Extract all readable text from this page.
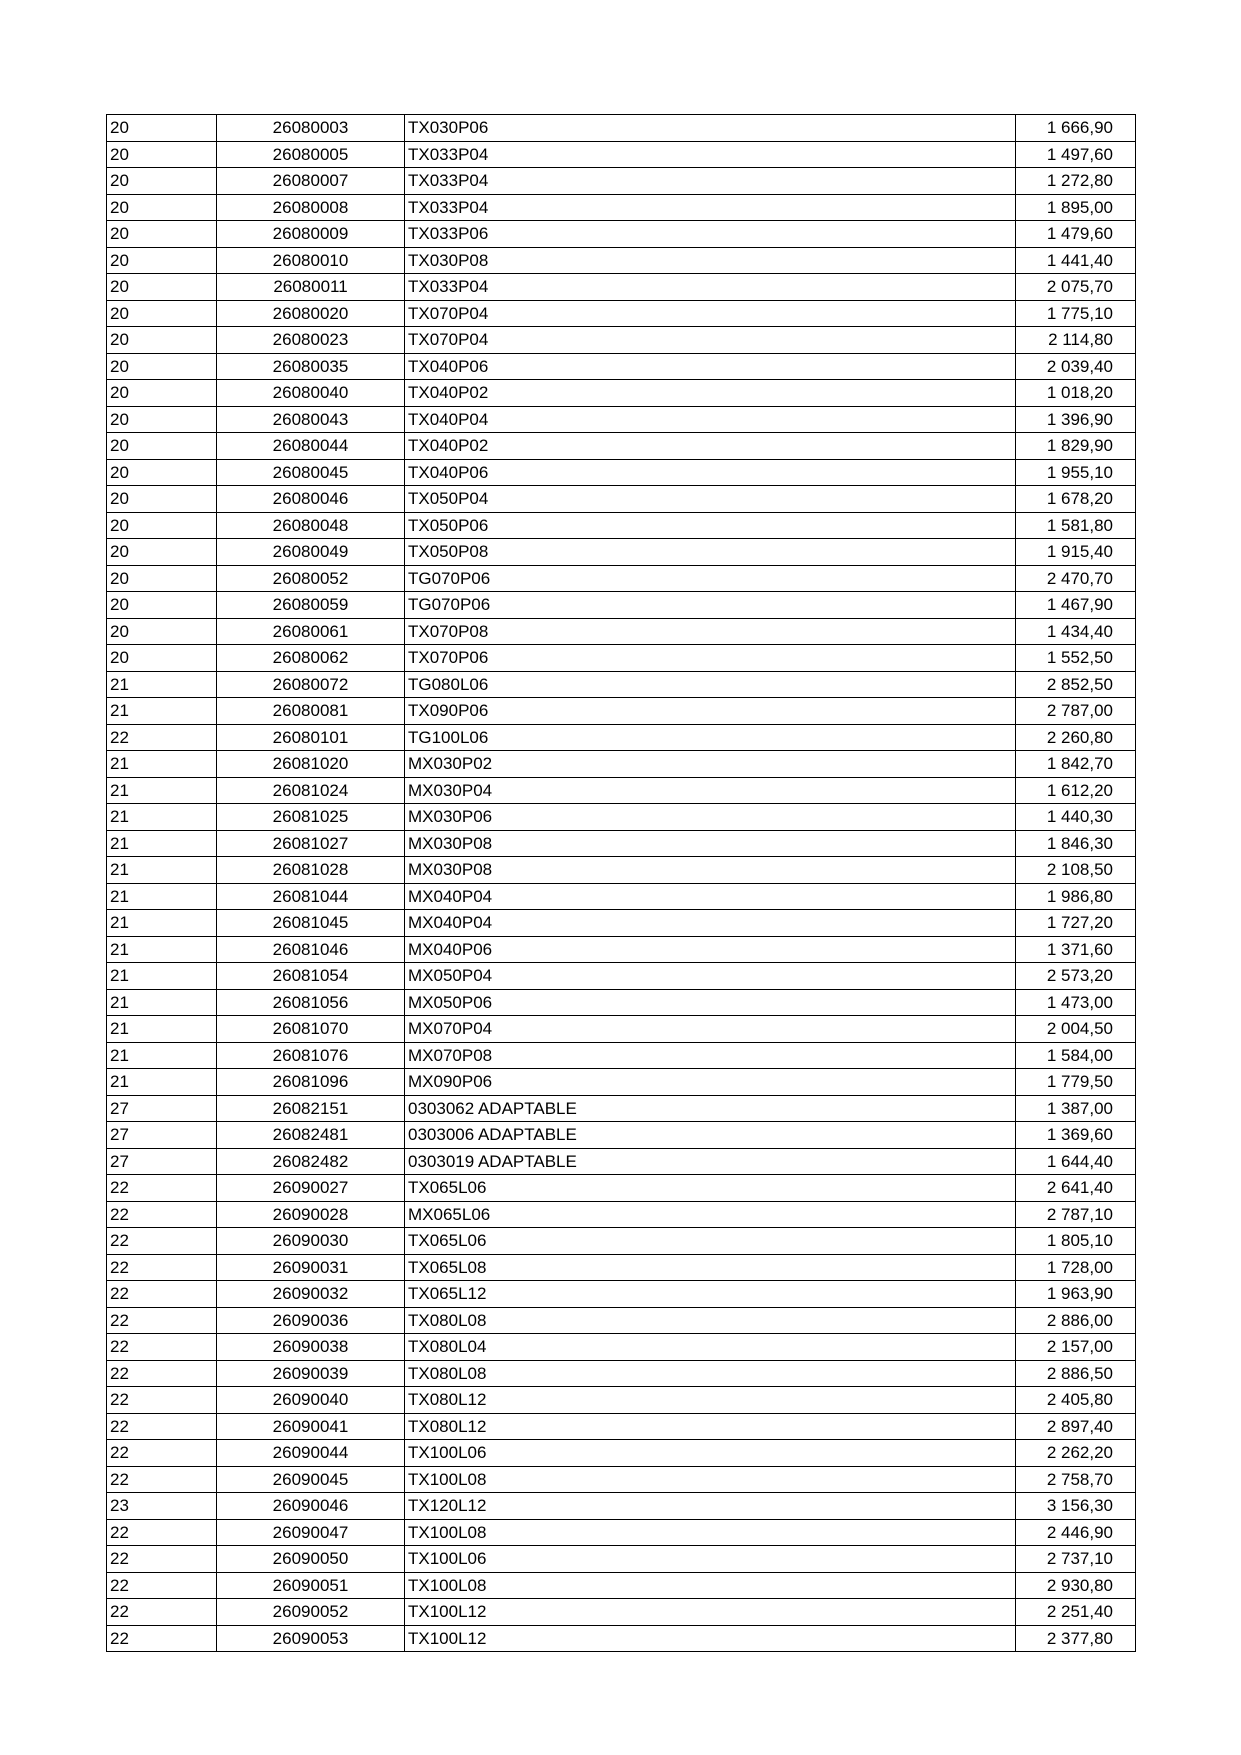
20	26080003	TX030P06	1 666,90
20	26080005	TX033P04	1 497,60
20	26080007	TX033P04	1 272,80
20	26080008	TX033P04	1 895,00
20	26080009	TX033P06	1 479,60
20	26080010	TX030P08	1 441,40
20	26080011	TX033P04	2 075,70
20	26080020	TX070P04	1 775,10
20	26080023	TX070P04	2 114,80
20	26080035	TX040P06	2 039,40
20	26080040	TX040P02	1 018,20
20	26080043	TX040P04	1 396,90
20	26080044	TX040P02	1 829,90
20	26080045	TX040P06	1 955,10
20	26080046	TX050P04	1 678,20
20	26080048	TX050P06	1 581,80
20	26080049	TX050P08	1 915,40
20	26080052	TG070P06	2 470,70
20	26080059	TG070P06	1 467,90
20	26080061	TX070P08	1 434,40
20	26080062	TX070P06	1 552,50
21	26080072	TG080L06	2 852,50
21	26080081	TX090P06	2 787,00
22	26080101	TG100L06	2 260,80
21	26081020	MX030P02	1 842,70
21	26081024	MX030P04	1 612,20
21	26081025	MX030P06	1 440,30
21	26081027	MX030P08	1 846,30
21	26081028	MX030P08	2 108,50
21	26081044	MX040P04	1 986,80
21	26081045	MX040P04	1 727,20
21	26081046	MX040P06	1 371,60
21	26081054	MX050P04	2 573,20
21	26081056	MX050P06	1 473,00
21	26081070	MX070P04	2 004,50
21	26081076	MX070P08	1 584,00
21	26081096	MX090P06	1 779,50
27	26082151	0303062 ADAPTABLE	1 387,00
27	26082481	0303006 ADAPTABLE	1 369,60
27	26082482	0303019 ADAPTABLE	1 644,40
22	26090027	TX065L06	2 641,40
22	26090028	MX065L06	2 787,10
22	26090030	TX065L06	1 805,10
22	26090031	TX065L08	1 728,00
22	26090032	TX065L12	1 963,90
22	26090036	TX080L08	2 886,00
22	26090038	TX080L04	2 157,00
22	26090039	TX080L08	2 886,50
22	26090040	TX080L12	2 405,80
22	26090041	TX080L12	2 897,40
22	26090044	TX100L06	2 262,20
22	26090045	TX100L08	2 758,70
23	26090046	TX120L12	3 156,30
22	26090047	TX100L08	2 446,90
22	26090050	TX100L06	2 737,10
22	26090051	TX100L08	2 930,80
22	26090052	TX100L12	2 251,40
22	26090053	TX100L12	2 377,80
